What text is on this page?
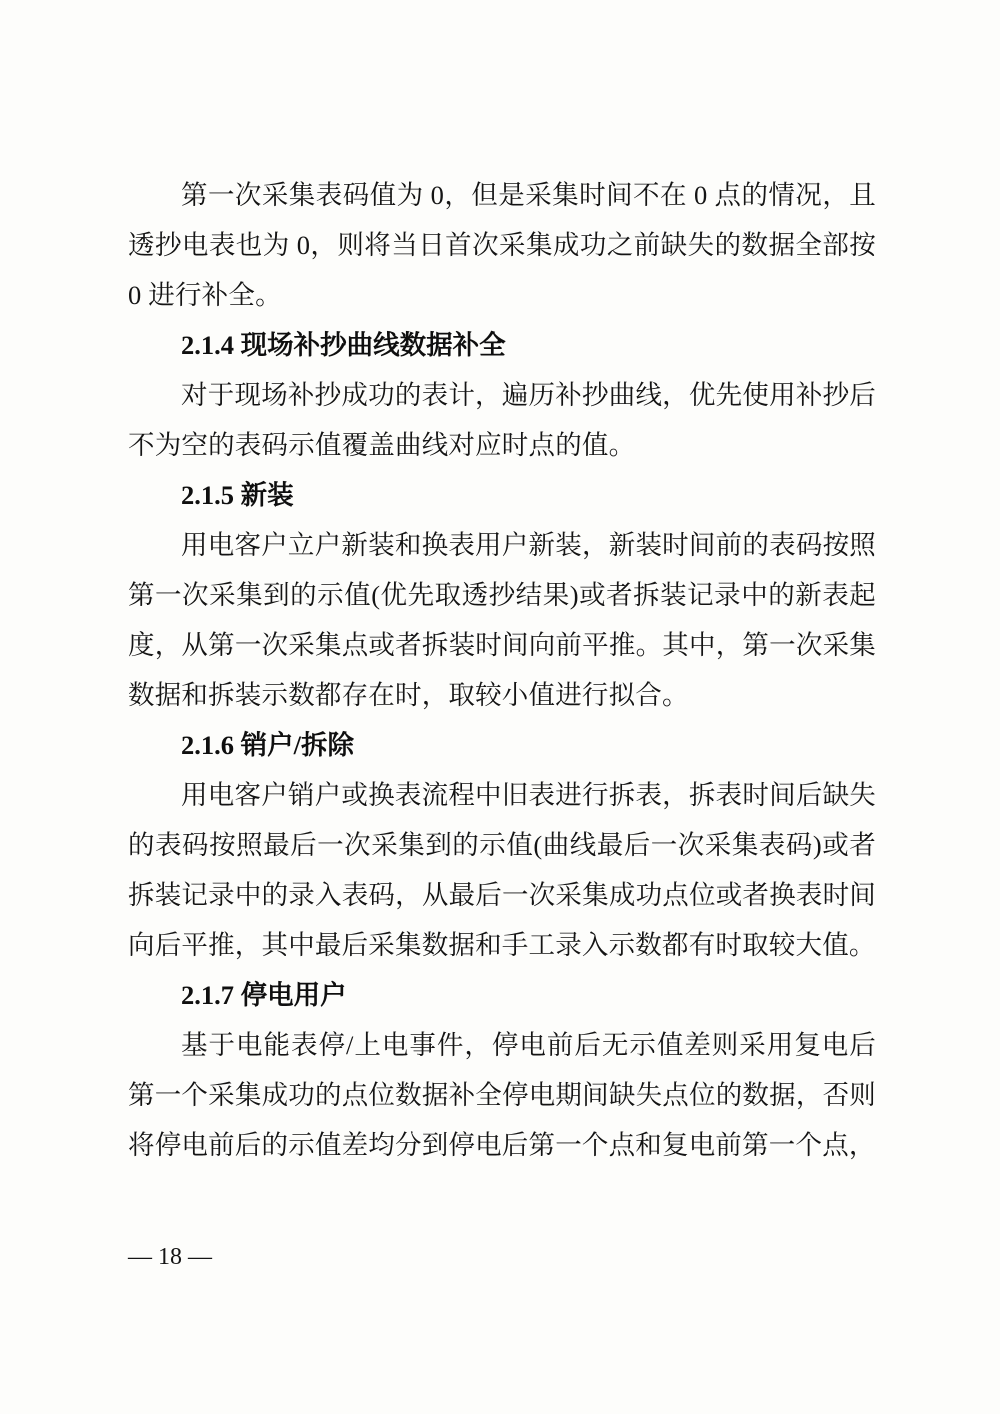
第一次采集表码值为 0，但是采集时间不在 0 点的情况，且透抄电表也为 0，则将当日首次采集成功之前缺失的数据全部按 0 进行补全。

2.1.4 现场补抄曲线数据补全

对于现场补抄成功的表计，遍历补抄曲线，优先使用补抄后不为空的表码示值覆盖曲线对应时点的值。

2.1.5 新装

用电客户立户新装和换表用户新装，新装时间前的表码按照第一次采集到的示值(优先取透抄结果)或者拆装记录中的新表起度，从第一次采集点或者拆装时间向前平推。其中，第一次采集数据和拆装示数都存在时，取较小值进行拟合。

2.1.6 销户/拆除

用电客户销户或换表流程中旧表进行拆表，拆表时间后缺失的表码按照最后一次采集到的示值(曲线最后一次采集表码)或者拆装记录中的录入表码，从最后一次采集成功点位或者换表时间向后平推，其中最后采集数据和手工录入示数都有时取较大值。

2.1.7 停电用户

基于电能表停/上电事件，停电前后无示值差则采用复电后第一个采集成功的点位数据补全停电期间缺失点位的数据，否则将停电前后的示值差均分到停电后第一个点和复电前第一个点，

— 18 —
